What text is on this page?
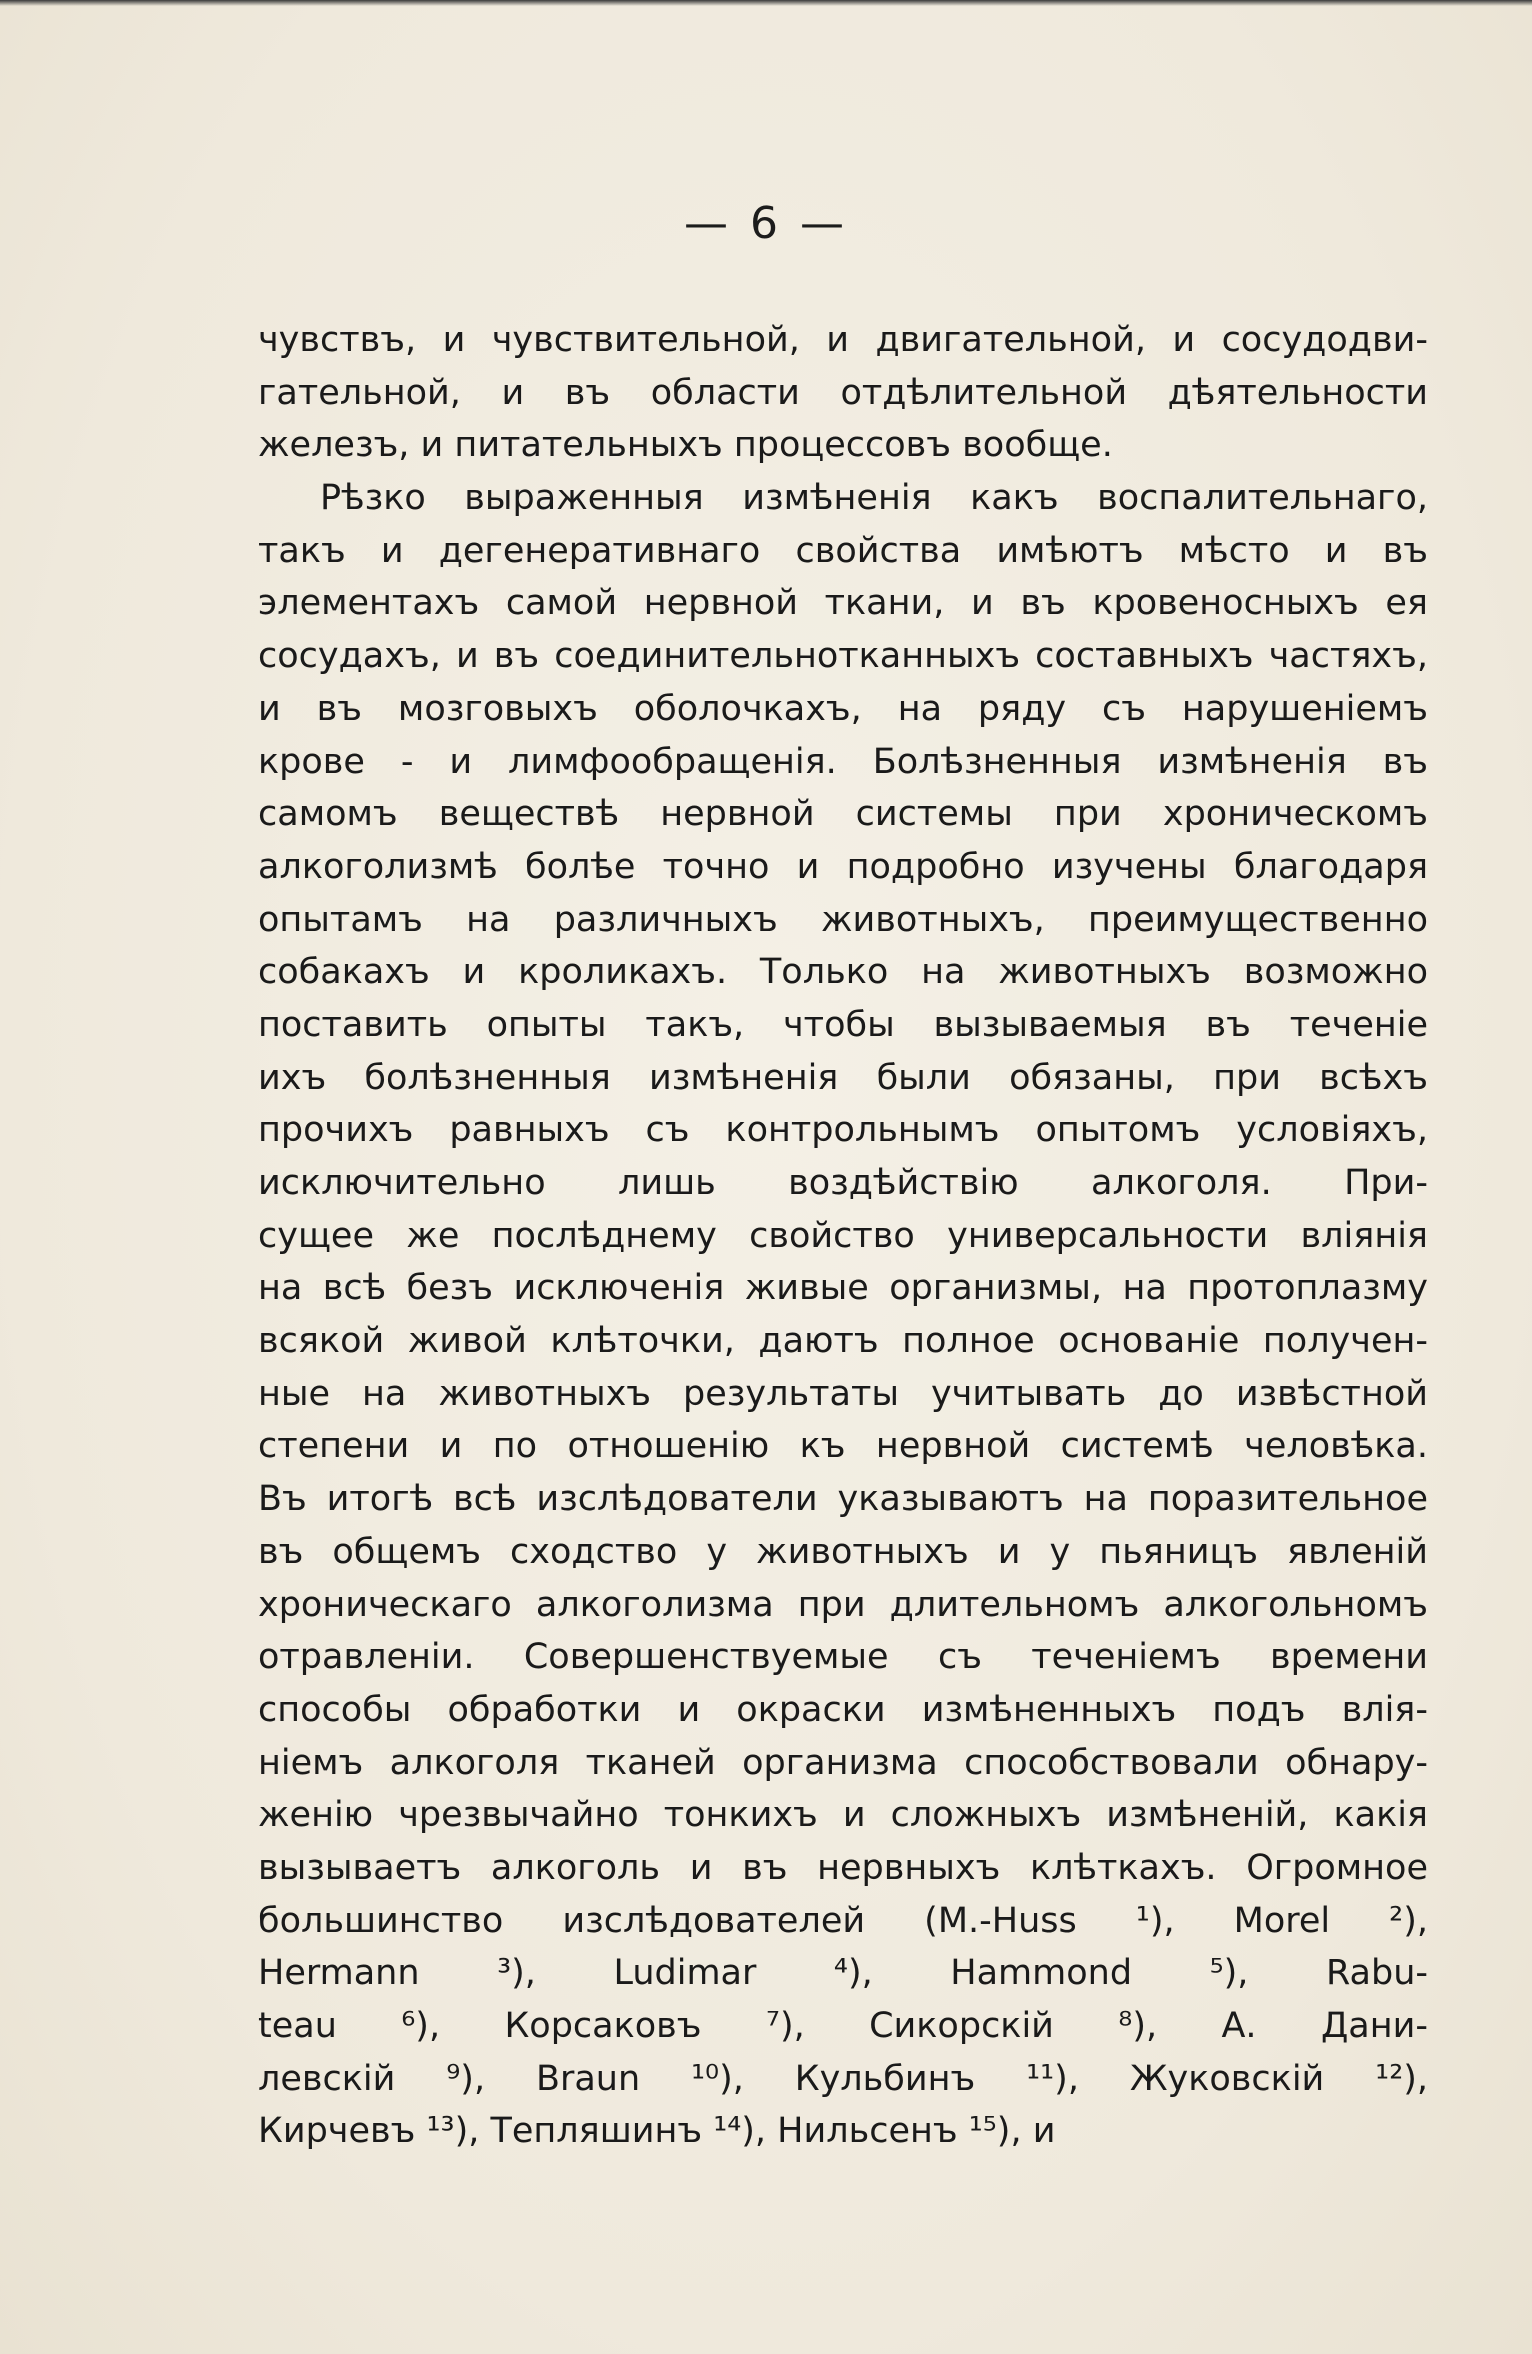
— 6 —
чувствъ, и чувствительной, и двигательной, и сосудодви-
гательной, и въ области отдѣлительной дѣятельности
железъ, и питательныхъ процессовъ вообще.
Рѣзко выраженныя измѣненія какъ воспалительнаго,
такъ и дегенеративнаго свойства имѣютъ мѣсто и въ
элементахъ самой нервной ткани, и въ кровеносныхъ ея
сосудахъ, и въ соединительнотканныхъ составныхъ частяхъ,
и въ мозговыхъ оболочкахъ, на ряду съ нарушеніемъ
крове - и лимфообращенія. Болѣзненныя измѣненія въ
самомъ веществѣ нервной системы при хроническомъ
алкоголизмѣ болѣе точно и подробно изучены благодаря
опытамъ на различныхъ животныхъ, преимущественно
собакахъ и кроликахъ. Только на животныхъ возможно
поставить опыты такъ, чтобы вызываемыя въ теченіе
ихъ болѣзненныя измѣненія были обязаны, при всѣхъ
прочихъ равныхъ съ контрольнымъ опытомъ условіяхъ,
исключительно лишь воздѣйствію алкоголя. При-
сущее же послѣднему свойство универсальности вліянія
на всѣ безъ исключенія живые организмы, на протоплазму
всякой живой клѣточки, даютъ полное основаніе получен-
ные на животныхъ результаты учитывать до извѣстной
степени и по отношенію къ нервной системѣ человѣка.
Въ итогѣ всѣ изслѣдователи указываютъ на поразительное
въ общемъ сходство у животныхъ и у пьяницъ явленій
хроническаго алкоголизма при длительномъ алкогольномъ
отравленіи. Совершенствуемые съ теченіемъ времени
способы обработки и окраски измѣненныхъ подъ влія-
ніемъ алкоголя тканей организма способствовали обнару-
женію чрезвычайно тонкихъ и сложныхъ измѣненій, какія
вызываетъ алкоголь и въ нервныхъ клѣткахъ. Огромное
большинство изслѣдователей (M.-Huss ¹), Morel ²),
Hermann ³), Ludimar ⁴), Hammond ⁵), Rabu-
teau ⁶), Корсаковъ ⁷), Сикорскій ⁸), А. Дани-
левскій ⁹), Braun ¹⁰), Кульбинъ ¹¹), Жуковскій ¹²),
Кирчевъ ¹³), Тепляшинъ ¹⁴), Нильсенъ ¹⁵), и
